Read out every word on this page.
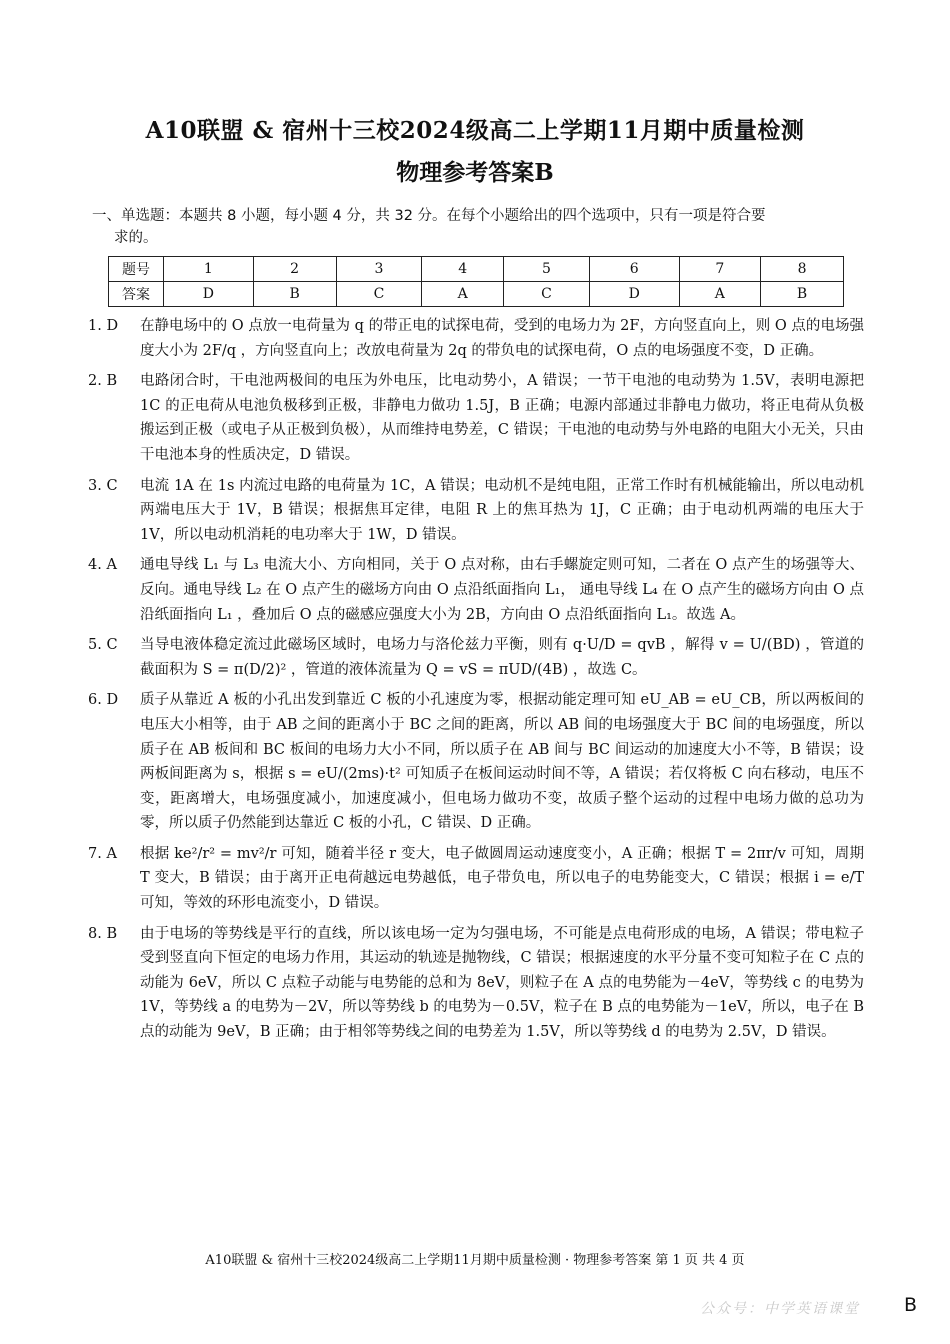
A10联盟 & 宿州十三校2024级高二上学期11月期中质量检测
物理参考答案B
一、单选题：本题共 8 小题，每小题 4 分，共 32 分。在每个小题给出的四个选项中，只有一项是符合要
求的。
题号	1	2	3	4	5	6	7	8
答案	D	B	C	A	C	D	A	B
1. D	在静电场中的 O 点放一电荷量为 q 的带正电的试探电荷，受到的电场力为 2F，方向竖直向上，则 O 点的电场强度大小为 2F/q ，方向竖直向上；改放电荷量为 2q 的带负电的试探电荷，O 点的电场强度不变，D 正确。
2. B	电路闭合时，干电池两极间的电压为外电压，比电动势小，A 错误；一节干电池的电动势为 1.5V，表明电源把 1C 的正电荷从电池负极移到正极，非静电力做功 1.5J，B 正确；电源内部通过非静电力做功，将正电荷从负极搬运到正极（或电子从正极到负极），从而维持电势差，C 错误；干电池的电动势与外电路的电阻大小无关，只由干电池本身的性质决定，D 错误。
3. C	电流 1A 在 1s 内流过电路的电荷量为 1C，A 错误；电动机不是纯电阻，正常工作时有机械能输出，所以电动机两端电压大于 1V，B 错误；根据焦耳定律，电阻 R 上的焦耳热为 1J，C 正确；由于电动机两端的电压大于 1V，所以电动机消耗的电功率大于 1W，D 错误。
4. A	通电导线 L₁ 与 L₃ 电流大小、方向相同，关于 O 点对称，由右手螺旋定则可知，二者在 O 点产生的场强等大、反向。通电导线 L₂ 在 O 点产生的磁场方向由 O 点沿纸面指向 L₁， 通电导线 L₄ 在 O 点产生的磁场方向由 O 点沿纸面指向 L₁ ，叠加后 O 点的磁感应强度大小为 2B，方向由 O 点沿纸面指向 L₁。故选 A。
5. C	当导电液体稳定流过此磁场区域时，电场力与洛伦兹力平衡，则有 q·U/D = qvB ，解得 v = U/(BD) ，管道的截面积为 S = π(D/2)² ，管道的液体流量为 Q = vS = πUD/(4B) ，故选 C。
6. D	质子从靠近 A 板的小孔出发到靠近 C 板的小孔速度为零，根据动能定理可知 eU_AB = eU_CB，所以两板间的电压大小相等，由于 AB 之间的距离小于 BC 之间的距离，所以 AB 间的电场强度大于 BC 间的电场强度，所以质子在 AB 板间和 BC 板间的电场力大小不同，所以质子在 AB 间与 BC 间运动的加速度大小不等，B 错误；设两板间距离为 s，根据 s = eU/(2ms)·t² 可知质子在板间运动时间不等，A 错误；若仅将板 C 向右移动，电压不变，距离增大，电场强度减小，加速度减小，但电场力做功不变，故质子整个运动的过程中电场力做的总功为零，所以质子仍然能到达靠近 C 板的小孔，C 错误、D 正确。
7. A	根据 ke²/r² = mv²/r 可知，随着半径 r 变大，电子做圆周运动速度变小，A 正确；根据 T = 2πr/v 可知，周期 T 变大，B 错误；由于离开正电荷越远电势越低，电子带负电，所以电子的电势能变大，C 错误；根据 i = e/T 可知，等效的环形电流变小，D 错误。
8. B	由于电场的等势线是平行的直线，所以该电场一定为匀强电场，不可能是点电荷形成的电场，A 错误；带电粒子受到竖直向下恒定的电场力作用，其运动的轨迹是抛物线，C 错误；根据速度的水平分量不变可知粒子在 C 点的动能为 6eV，所以 C 点粒子动能与电势能的总和为 8eV，则粒子在 A 点的电势能为－4eV，等势线 c 的电势为 1V，等势线 a 的电势为－2V，所以等势线 b 的电势为－0.5V，粒子在 B 点的电势能为－1eV，所以，电子在 B 点的动能为 9eV，B 正确；由于相邻等势线之间的电势差为 1.5V，所以等势线 d 的电势为 2.5V，D 错误。
A10联盟 & 宿州十三校2024级高二上学期11月期中质量检测 · 物理参考答案 第 1 页 共 4 页
公众号：中学英语课堂 B
